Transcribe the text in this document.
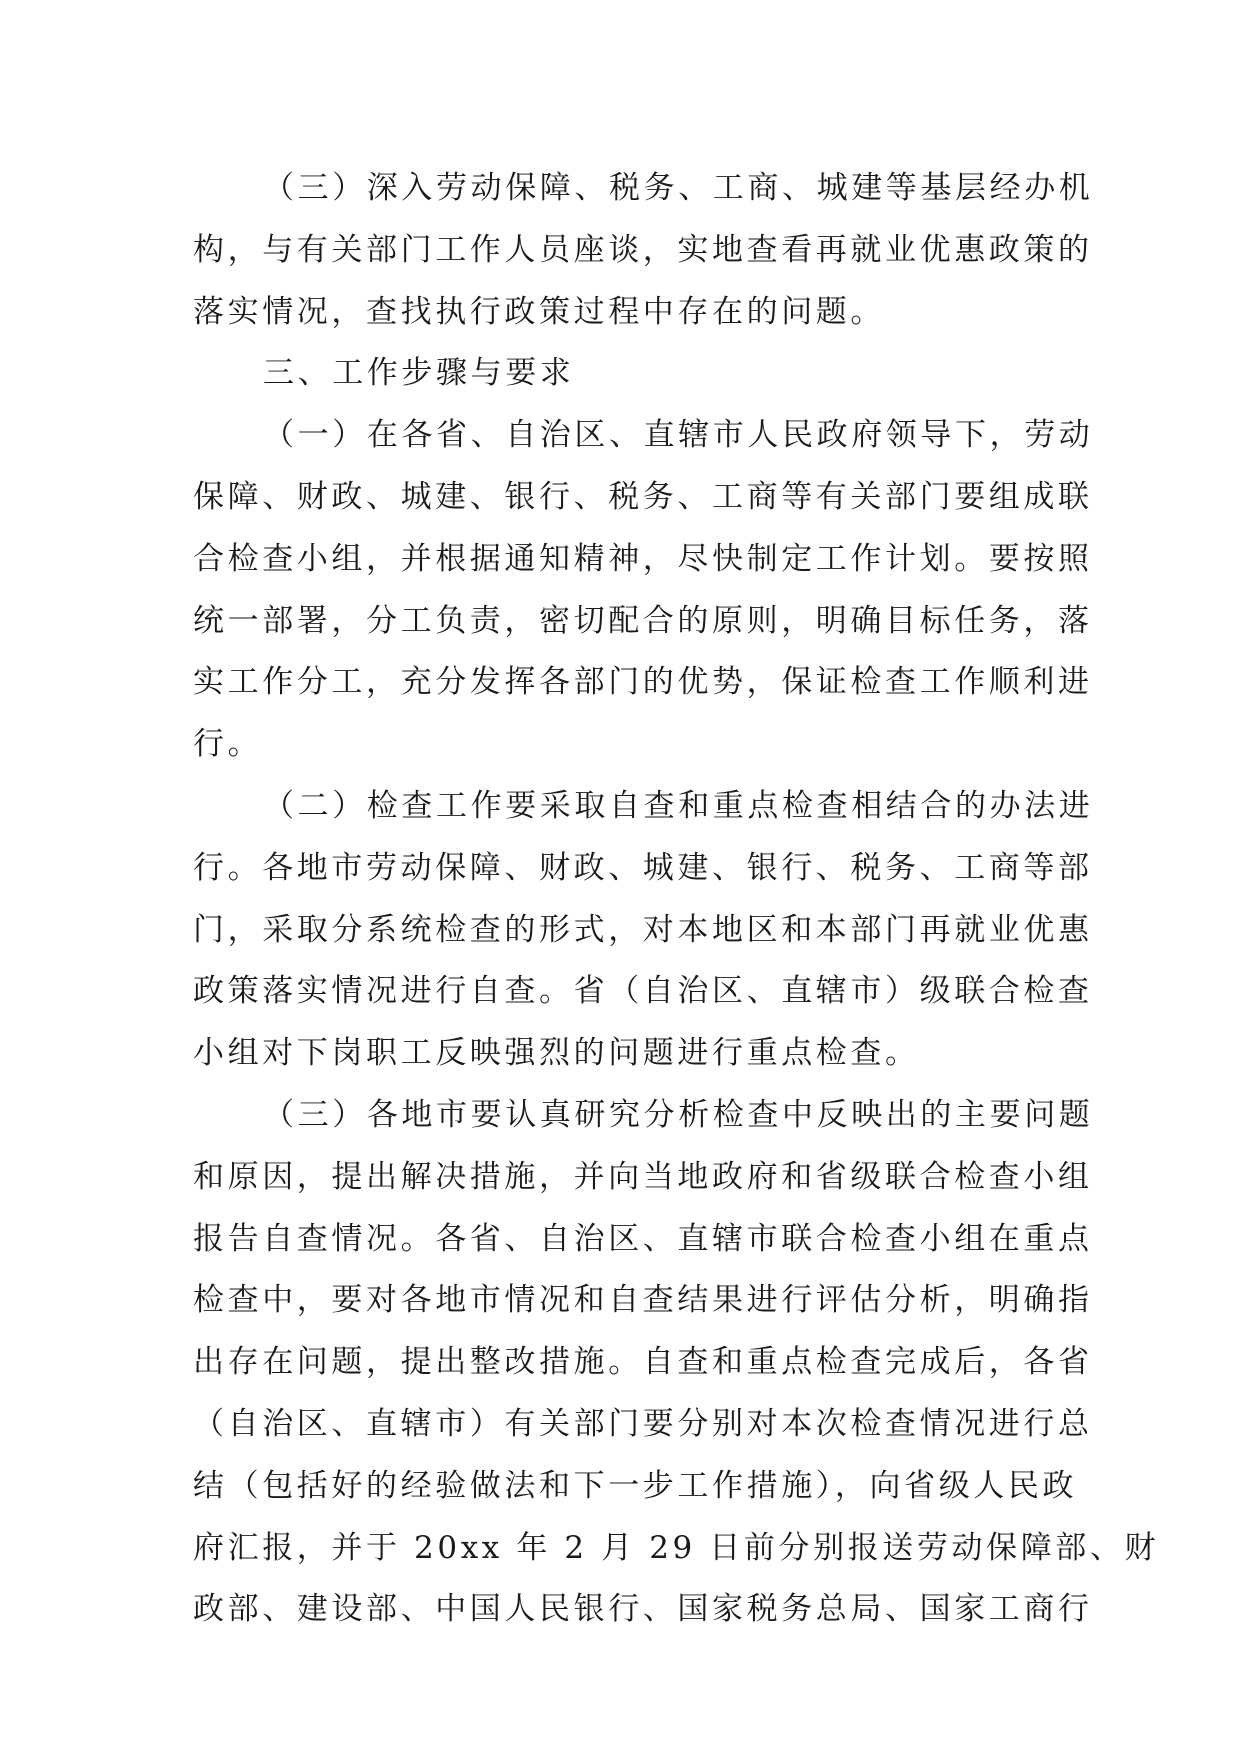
（三）深入劳动保障、税务、工商、城建等基层经办机
构，与有关部门工作人员座谈，实地查看再就业优惠政策的
落实情况，查找执行政策过程中存在的问题。
三、工作步骤与要求
（一）在各省、自治区、直辖市人民政府领导下，劳动
保障、财政、城建、银行、税务、工商等有关部门要组成联
合检查小组，并根据通知精神，尽快制定工作计划。要按照
统一部署，分工负责，密切配合的原则，明确目标任务，落
实工作分工，充分发挥各部门的优势，保证检查工作顺利进
行。
（二）检查工作要采取自查和重点检查相结合的办法进
行。各地市劳动保障、财政、城建、银行、税务、工商等部
门，采取分系统检查的形式，对本地区和本部门再就业优惠
政策落实情况进行自查。省（自治区、直辖市）级联合检查
小组对下岗职工反映强烈的问题进行重点检查。
（三）各地市要认真研究分析检查中反映出的主要问题
和原因，提出解决措施，并向当地政府和省级联合检查小组
报告自查情况。各省、自治区、直辖市联合检查小组在重点
检查中，要对各地市情况和自查结果进行评估分析，明确指
出存在问题，提出整改措施。自查和重点检查完成后，各省
（自治区、直辖市）有关部门要分别对本次检查情况进行总
结（包括好的经验做法和下一步工作措施），向省级人民政
府汇报，并于 20xx 年 2 月 29 日前分别报送劳动保障部、财
政部、建设部、中国人民银行、国家税务总局、国家工商行
